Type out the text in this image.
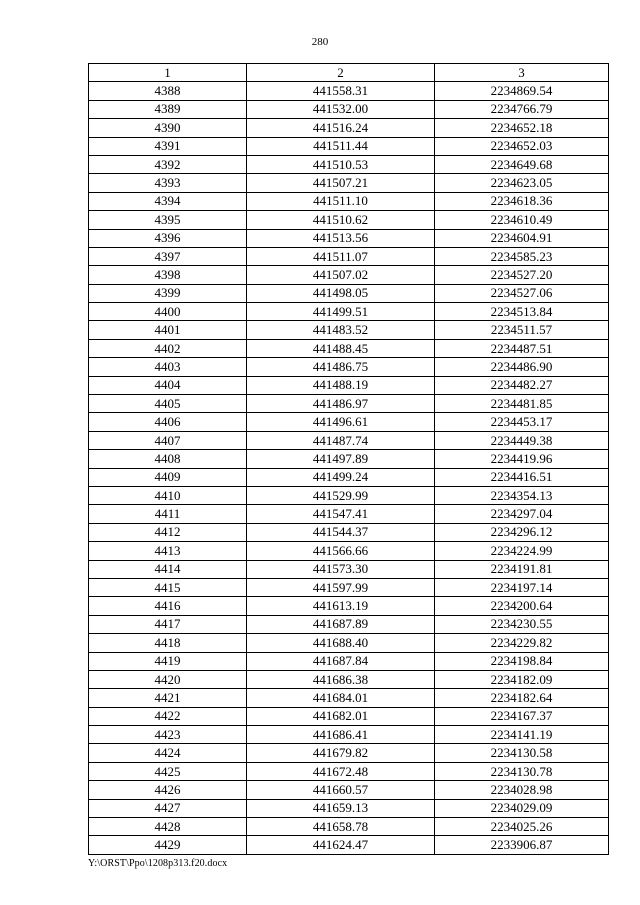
280
1	2	3
4388	441558.31	2234869.54
4389	441532.00	2234766.79
4390	441516.24	2234652.18
4391	441511.44	2234652.03
4392	441510.53	2234649.68
4393	441507.21	2234623.05
4394	441511.10	2234618.36
4395	441510.62	2234610.49
4396	441513.56	2234604.91
4397	441511.07	2234585.23
4398	441507.02	2234527.20
4399	441498.05	2234527.06
4400	441499.51	2234513.84
4401	441483.52	2234511.57
4402	441488.45	2234487.51
4403	441486.75	2234486.90
4404	441488.19	2234482.27
4405	441486.97	2234481.85
4406	441496.61	2234453.17
4407	441487.74	2234449.38
4408	441497.89	2234419.96
4409	441499.24	2234416.51
4410	441529.99	2234354.13
4411	441547.41	2234297.04
4412	441544.37	2234296.12
4413	441566.66	2234224.99
4414	441573.30	2234191.81
4415	441597.99	2234197.14
4416	441613.19	2234200.64
4417	441687.89	2234230.55
4418	441688.40	2234229.82
4419	441687.84	2234198.84
4420	441686.38	2234182.09
4421	441684.01	2234182.64
4422	441682.01	2234167.37
4423	441686.41	2234141.19
4424	441679.82	2234130.58
4425	441672.48	2234130.78
4426	441660.57	2234028.98
4427	441659.13	2234029.09
4428	441658.78	2234025.26
4429	441624.47	2233906.87
Y:\ORST\Ppo\1208p313.f20.docx
